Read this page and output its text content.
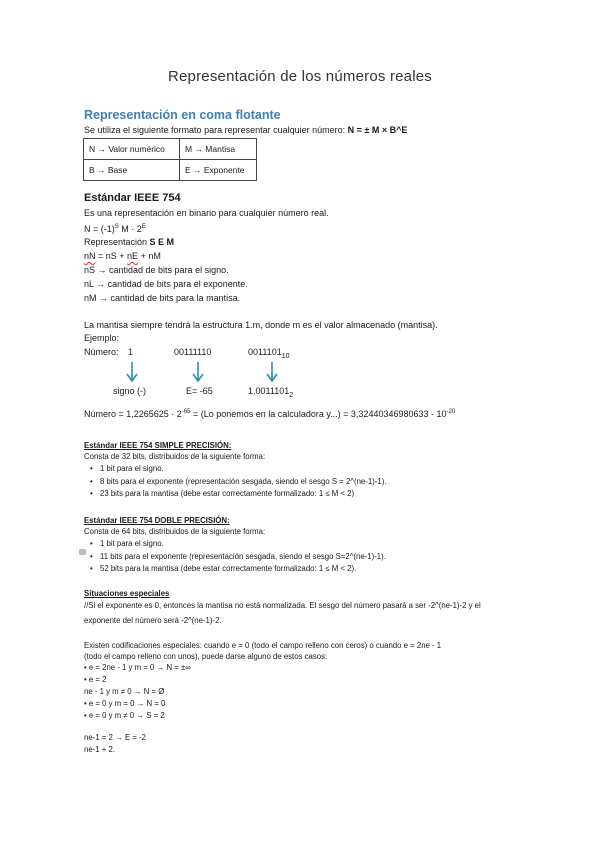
Representación de los números reales
Representación en coma flotante
Se utiliza el siguiente formato para representar cualquier número: N = ± M × B^E
N → Valor numérico	M → Mantisa
B → Base	E → Exponente
Estándar IEEE 754
Es una representación en binario para cualquier número real.
$N = (-1)^S$ $M \cdot 2^E$
Representación S E M
nN = nS + nE + nM
nS → cantidad de bits para el signo.
nL → cantidad de bits para el exponente.
nM → cantidad de bits para la mantisa.
La mantisa siempre tendrá la estructura 1.m, donde m es el valor almacenado (mantisa).
Ejemplo:
Número: 1	00111110	$0011101_{10}$
signo (-)	E= -65	$1.0011101_2$
Número = $1,2265625 \cdot 2^{-65} = (Lo$ ponemos en la calculadora $y...) = 3,32440346980633 \cdot 10^{-20}$
Estándar IEEE 754 SIMPLE PRECISIÓN:
Consta de 32 bits, distribuidos de la siguiente forma:
• 1 bit para el signo.
• 8 bits para el exponente (representación sesgada, siendo el sesgo S = 2^(ne-1)-1).
• 23 bits para la mantisa (debe estar correctamente formalizado: 1 ≤ M < 2)
Estándar IEEE 754 DOBLE PRECISIÓN:
Consta de 64 bits, distribuidos de la siguiente forma:
• 1 bit para el signo.
• 11 bits para el exponente (representación sesgada, siendo el sesgo S=2^(ne-1)-1).
• 52 bits para la mantisa (debe estar correctamente formalizado: 1 ≤ M < 2).
Situaciones especiales
//Si el exponente es 0, entonces la mantisa no está normalizada. El sesgo del número pasará a ser -2^(ne-1)-2 y el
exponente del número será -2^(ne-1)-2.
Existen codificaciones especiales: cuando e = 0 (todo el campo relleno con ceros) o cuando e = 2ne - 1
(todo el campo relleno con unos), puede darse alguno de estos casos:
• e = 2ne - 1 y m = 0 → N = ±∞
• e = 2
ne - 1 y m ≠ 0 → N = Ø
• e = 0 y m = 0 → N = 0
• e = 0 y m ≠ 0 → S = 2
ne-1 = 2 → E = -2
ne-1 + 2.
